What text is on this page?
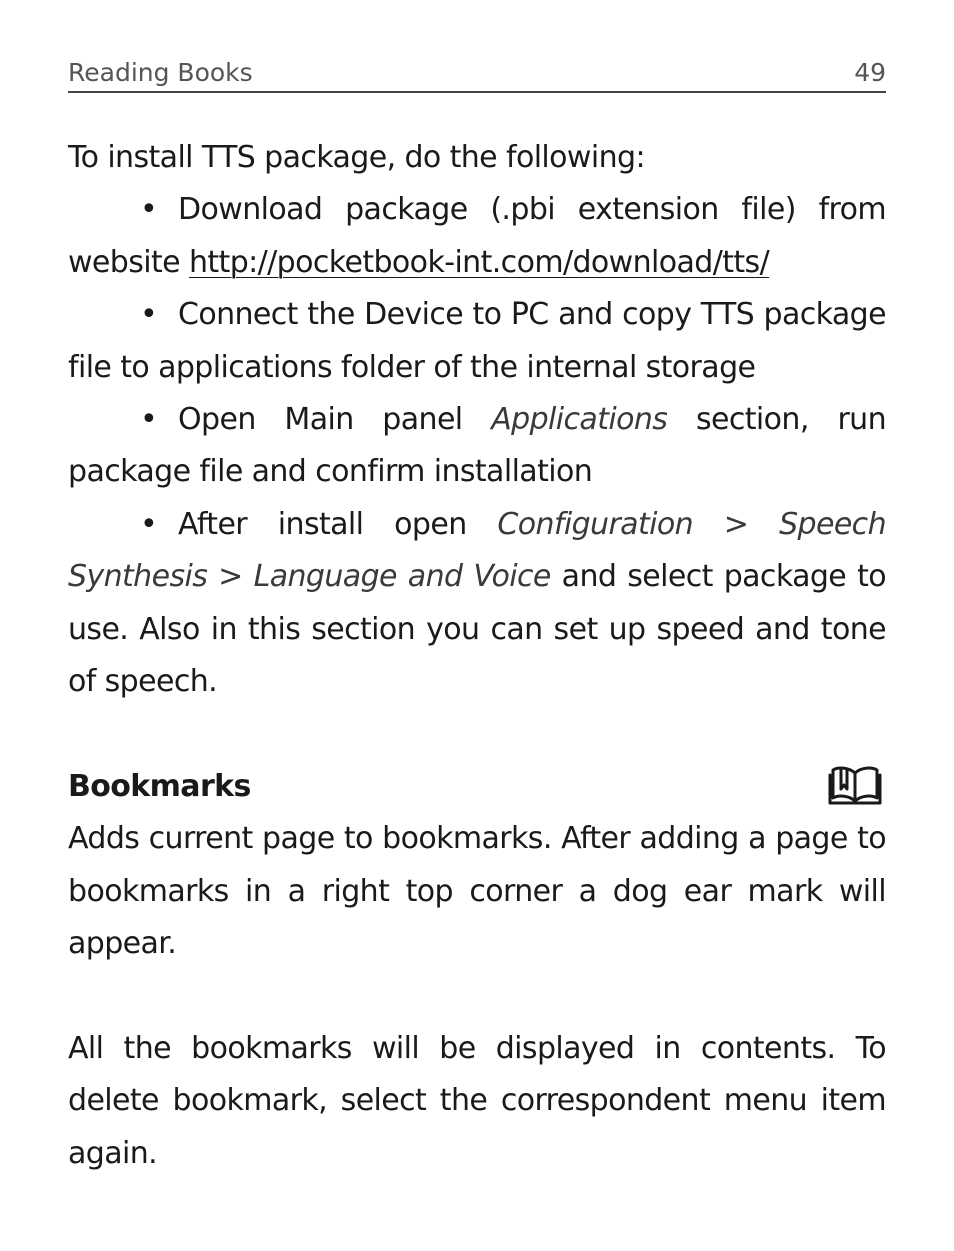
Reading Books	49

To install TTS package, do the following:

• Download package (.pbi extension file) from website http://pocketbook-int.com/download/tts/

• Connect the Device to PC and copy TTS package file to applications folder of the internal storage

• Open Main panel Applications section, run package file and confirm installation

• After install open Configuration > Speech Synthesis > Language and Voice and select package to use. Also in this section you can set up speed and tone of speech.

Bookmarks

Adds current page to bookmarks. After adding a page to bookmarks in a right top corner a dog ear mark will appear.

All the bookmarks will be displayed in contents. To delete bookmark, select the correspondent menu item again.
